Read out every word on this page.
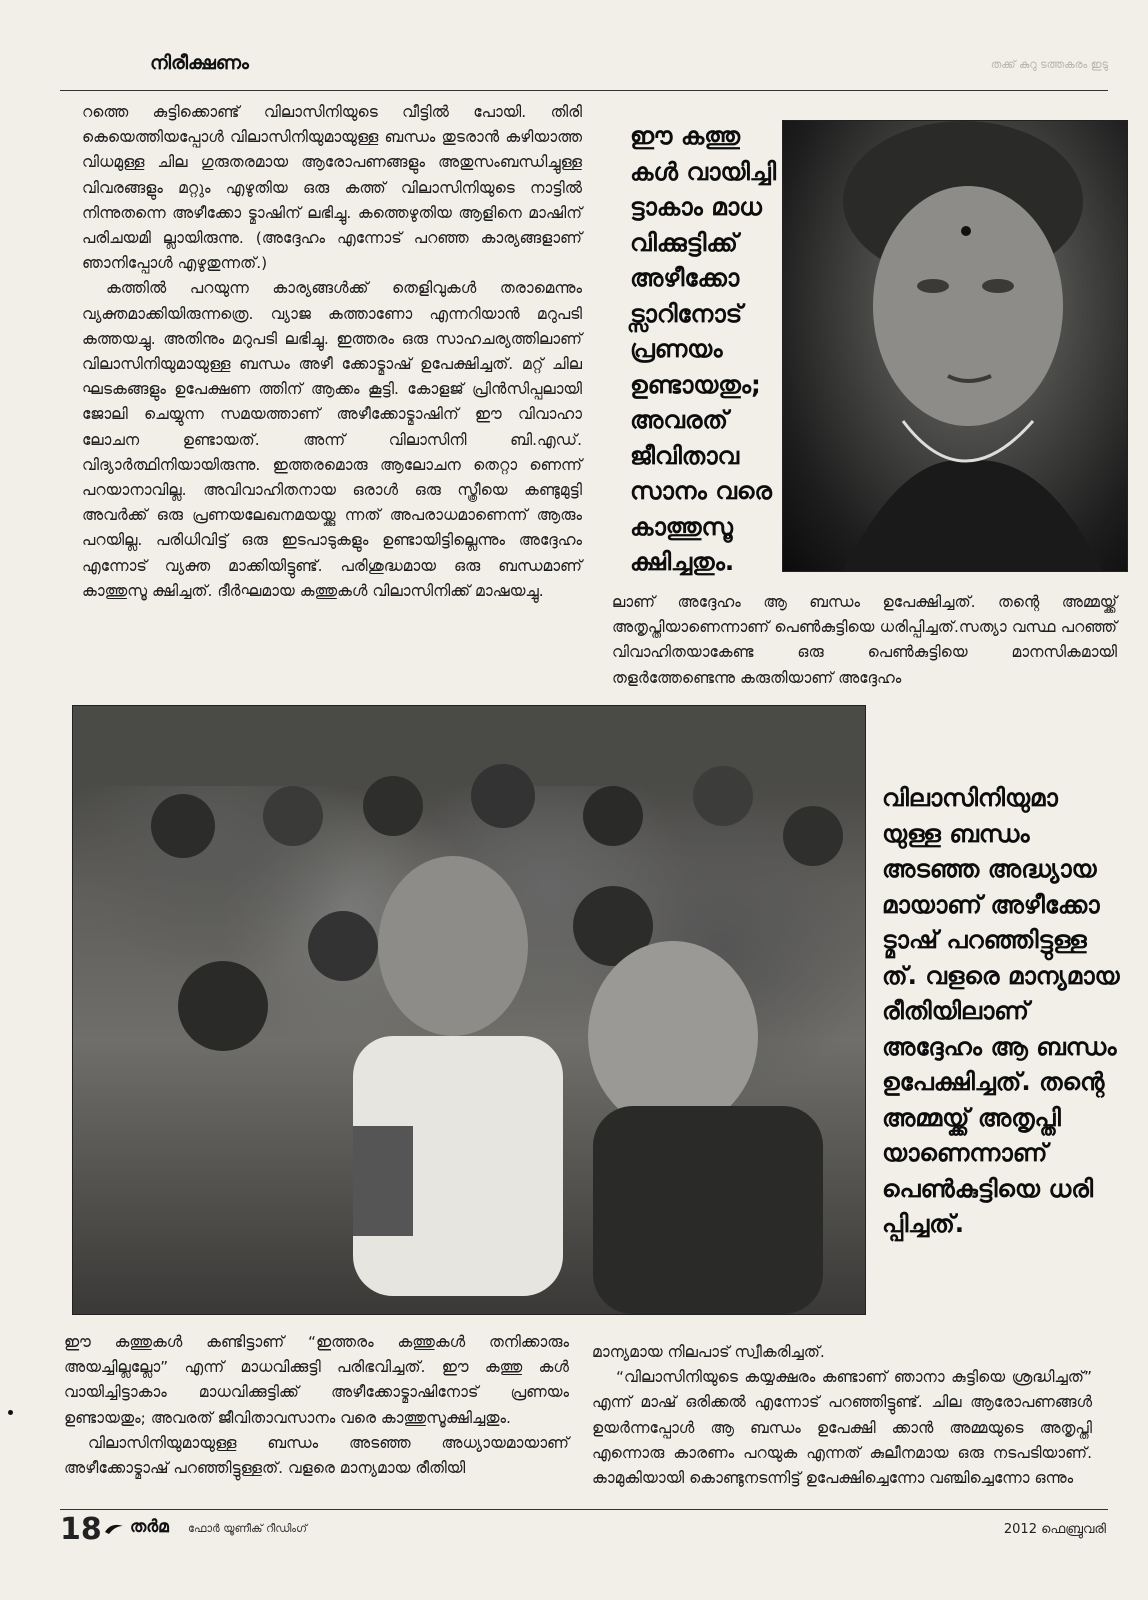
നിരീക്ഷണം	തക്ക് കുറു ടത്തകരം ഇടു

റത്തെ കുട്ടിക്കൊണ്ട് വിലാസിനിയുടെ വീട്ടിൽ പോയി. തിരി കെയെത്തിയപ്പോൾ വിലാസിനിയുമായുള്ള ബന്ധം തുടരാൻ കഴിയാത്ത വിധമുള്ള ചില ഗുരുതരമായ ആരോപണങ്ങളും അതുസംബന്ധിച്ചുള്ള വിവരങ്ങളും മറ്റും എഴുതിയ ഒരു കത്ത് വിലാസിനിയുടെ നാട്ടിൽ നിന്നുതന്നെ അഴീക്കോ ട്മാഷിന് ലഭിച്ചു. കത്തെഴുതിയ ആളിനെ മാഷിന് പരിചയമി ല്ലായിരുന്നു. (അദ്ദേഹം എന്നോട് പറഞ്ഞ കാര്യങ്ങളാണ് ഞാനിപ്പോൾ എഴുതുന്നത്.)

കത്തിൽ പറയുന്ന കാര്യങ്ങൾക്ക് തെളിവുകൾ തരാമെന്നും വ്യക്തമാക്കിയിരുന്നത്രെ. വ്യാജ കത്താണോ എന്നറിയാൻ മറുപടി കത്തയച്ചു. അതിനും മറുപടി ലഭിച്ചു. ഇത്തരം ഒരു സാഹചര്യത്തിലാണ് വിലാസിനിയുമായുള്ള ബന്ധം അഴീ ക്കോട്മാഷ് ഉപേക്ഷിച്ചത്. മറ്റ് ചില ഘടകങ്ങളും ഉപേക്ഷണ ത്തിന് ആക്കം കൂട്ടി. കോളജ് പ്രിൻസിപ്പലായി ജോലി ചെയ്യുന്ന സമയത്താണ് അഴീക്കോട്മാഷിന് ഈ വിവാഹാ ലോചന ഉണ്ടായത്. അന്ന് വിലാസിനി ബി.എഡ്. വിദ്യാർത്ഥിനിയായിരുന്നു. ഇത്തരമൊരു ആലോചന തെറ്റാ ണെന്ന് പറയാനാവില്ല. അവിവാഹിതനായ ഒരാൾ ഒരു സ്ത്രീയെ കണ്ടുമുട്ടി അവർക്ക് ഒരു പ്രണയലേഖനമയയ്ക്കു ന്നത് അപരാധമാണെന്ന് ആരും പറയില്ല. പരിധിവിട്ട് ഒരു ഇടപാടുകളും ഉണ്ടായിട്ടില്ലെന്നും അദ്ദേഹം എന്നോട് വ്യക്ത മാക്കിയിട്ടുണ്ട്. പരിശുദ്ധമായ ഒരു ബന്ധമാണ് കാത്തുസൂ ക്ഷിച്ചത്. ദീർഘമായ കത്തുകൾ വിലാസിനിക്ക് മാഷയച്ചു.

ഈ കത്തു കൾ വായിച്ചി ട്ടാകാം മാധ വിക്കുട്ടിക്ക് അഴീക്കോ ട്സാറിനോട് പ്രണയം ഉണ്ടായതും; അവരത് ജീവിതാവ സാനം വരെ കാത്തുസൂ ക്ഷിച്ചതും.

ലാണ് അദ്ദേഹം ആ ബന്ധം ഉപേക്ഷിച്ചത്. തന്റെ അമ്മയ്ക്ക് അതൃപ്തിയാണെന്നാണ് പെൺകുട്ടിയെ ധരിപ്പിച്ചത്.സത്യാ വസ്ഥ പറഞ്ഞ് വിവാഹിതയാകേണ്ട ഒരു പെൺകുട്ടിയെ മാനസികമായി തളർത്തേണ്ടെന്നു കരുതിയാണ് അദ്ദേഹം

വിലാസിനിയുമാ യുള്ള ബന്ധം അടഞ്ഞ അദ്ധ്യായ മായാണ് അഴീക്കോ ട്മാഷ് പറഞ്ഞിട്ടുള്ള ത്. വളരെ മാന്യമായ രീതിയിലാണ് അദ്ദേഹം ആ ബന്ധം ഉപേക്ഷിച്ചത്. തന്റെ അമ്മയ്ക്ക് അതൃപ്തി യാണെന്നാണ് പെൺകുട്ടിയെ ധരി പ്പിച്ചത്.

ഈ കത്തുകൾ കണ്ടിട്ടാണ് “ഇത്തരം കത്തുകൾ തനിക്കാരും അയച്ചില്ലല്ലോ” എന്ന് മാധവിക്കുട്ടി പരിഭവിച്ചത്. ഈ കത്തു കൾ വായിച്ചിട്ടാകാം മാധവിക്കുട്ടിക്ക് അഴീക്കോട്മാഷിനോട് പ്രണയം ഉണ്ടായതും; അവരത് ജീവിതാവസാനം വരെ കാത്തുസൂക്ഷിച്ചതും.

വിലാസിനിയുമായുള്ള ബന്ധം അടഞ്ഞ അധ്യായമായാണ് അഴീക്കോട്മാഷ് പറഞ്ഞിട്ടുള്ളത്. വളരെ മാന്യമായ രീതിയി

മാന്യമായ നിലപാട് സ്വീകരിച്ചത്.

“വിലാസിനിയുടെ കയ്യക്ഷരം കണ്ടാണ് ഞാനാ കുട്ടിയെ ശ്രദ്ധിച്ചത്” എന്ന് മാഷ് ഒരിക്കൽ എന്നോട് പറഞ്ഞിട്ടുണ്ട്. ചില ആരോപണങ്ങൾ ഉയർന്നപ്പോൾ ആ ബന്ധം ഉപേക്ഷി ക്കാൻ അമ്മയുടെ അതൃപ്തി എന്നൊരു കാരണം പറയുക എന്നത് കുലീനമായ ഒരു നടപടിയാണ്. കാമുകിയായി കൊണ്ടുനടന്നിട്ട് ഉപേക്ഷിച്ചെന്നോ വഞ്ചിച്ചെന്നോ ഒന്നും

18 തർമ ഫോർ യൂണീക് റീഡിംഗ്	2012 ഫെബ്രുവരി
